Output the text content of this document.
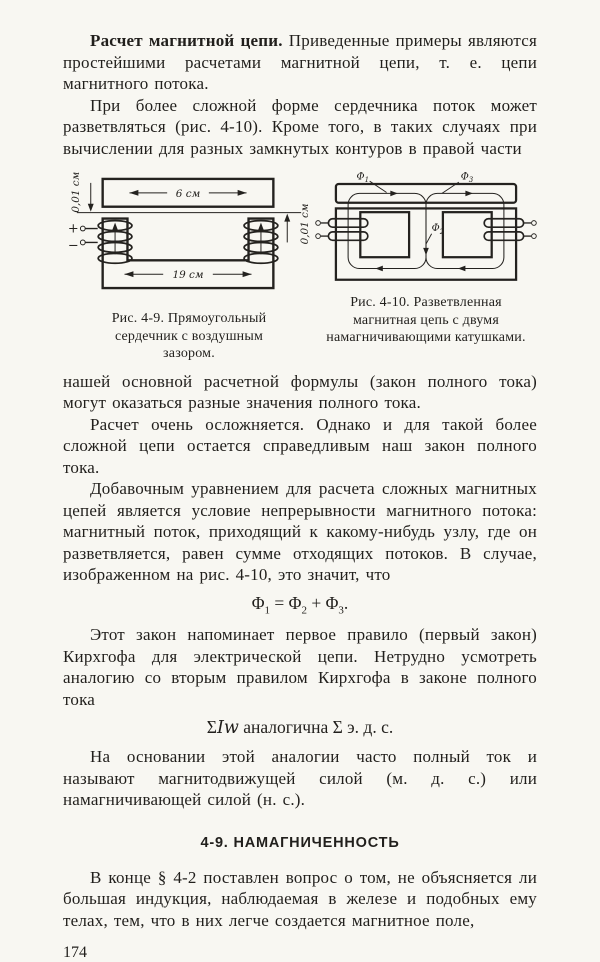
Расчет магнитной цепи. Приведенные примеры являются простейшими расчетами магнитной цепи, т. е. цепи магнитного потока.

При более сложной форме сердечника поток может разветвляться (рис. 4-10). Кроме того, в таких случаях при вычислении для разных замкнутых контуров в правой части

6 см
19 см
0,01 см
0,01 см
+
−
Рис. 4-9. Прямоугольный сердечник с воздушным зазором.
$\Phi_1$	$\Phi_3$
$\Phi_2$
Рис. 4-10. Разветвленная магнитная цепь с двумя намагничивающими катушками.

нашей основной расчетной формулы (закон полного тока) могут оказаться разные значения полного тока.

Расчет очень осложняется. Однако и для такой более сложной цепи остается справедливым наш закон полного тока.

Добавочным уравнением для расчета сложных магнитных цепей является условие непрерывности магнитного потока: магнитный поток, приходящий к какому-нибудь узлу, где он разветвляется, равен сумме отходящих потоков. В случае, изображенном на рис. 4-10, это значит, что

$\Phi_1 = \Phi_2 + \Phi_3$.

Этот закон напоминает первое правило (первый закон) Кирхгофа для электрической цепи. Нетрудно усмотреть аналогию со вторым правилом Кирхгофа в законе полного тока

ΣIw аналогична Σ э. д. с.

На основании этой аналогии часто полный ток и называют магнитодвижущей силой (м. д. с.) или намагничивающей силой (н. с.).

4-9. НАМАГНИЧЕННОСТЬ

В конце § 4-2 поставлен вопрос о том, не объясняется ли большая индукция, наблюдаемая в железе и подобных ему телах, тем, что в них легче создается магнитное поле,

174
